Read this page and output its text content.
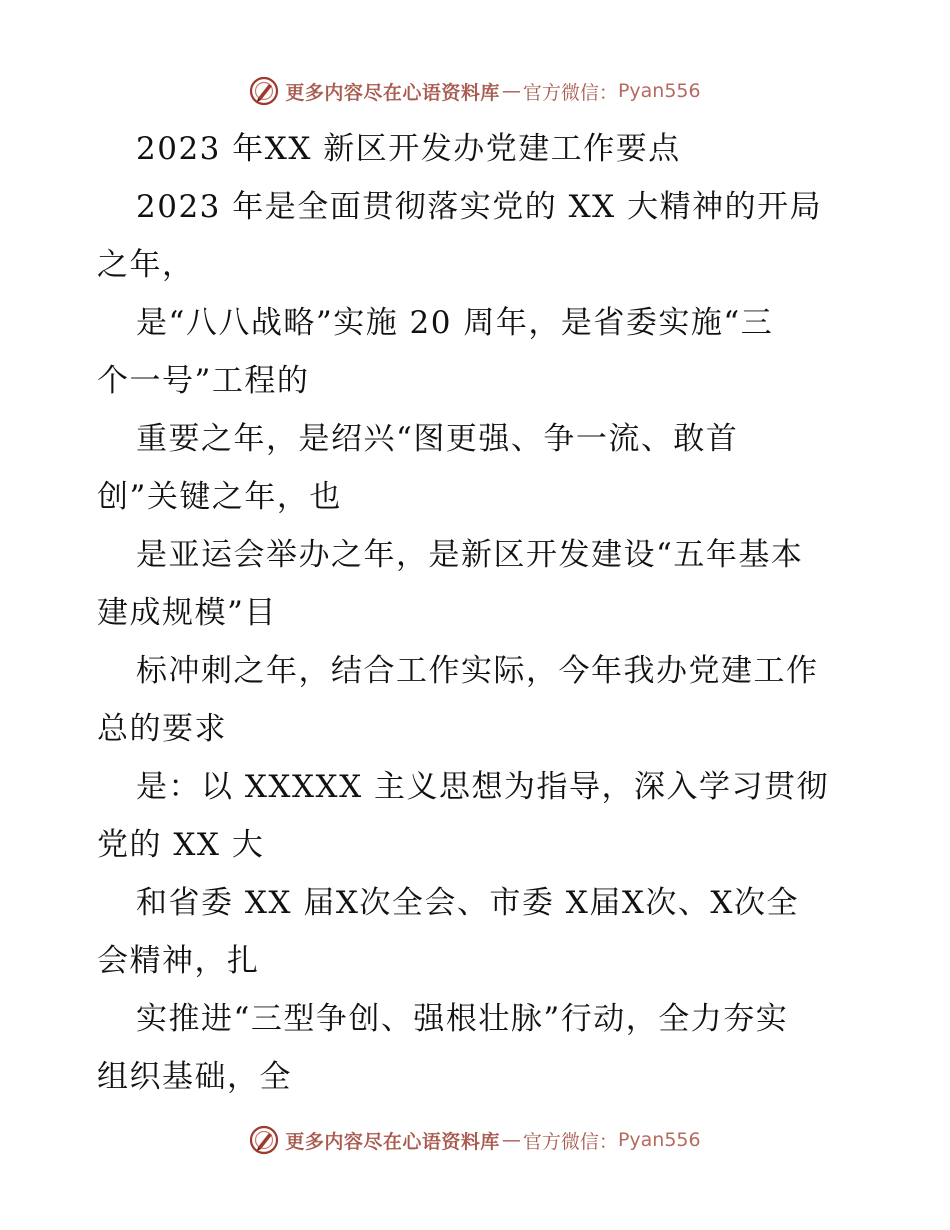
更多内容尽在心语资料库 — 官方微信： Pyan556
2023 年XX 新区开发办党建工作要点
2023 年是全面贯彻落实党的 XX 大精神的开局
之年，
是“八八战略”实施 20 周年，是省委实施“三
个一号”工程的
重要之年，是绍兴“图更强、争一流、敢首
创”关键之年，也
是亚运会举办之年，是新区开发建设“五年基本
建成规模”目
标冲刺之年，结合工作实际，今年我办党建工作
总的要求
是：以 XXXXX 主义思想为指导，深入学习贯彻
党的 XX 大
和省委 XX 届X次全会、市委 X届X次、X次全
会精神，扎
实推进“三型争创、强根壮脉”行动，全力夯实
组织基础，全
更多内容尽在心语资料库 — 官方微信： Pyan556
